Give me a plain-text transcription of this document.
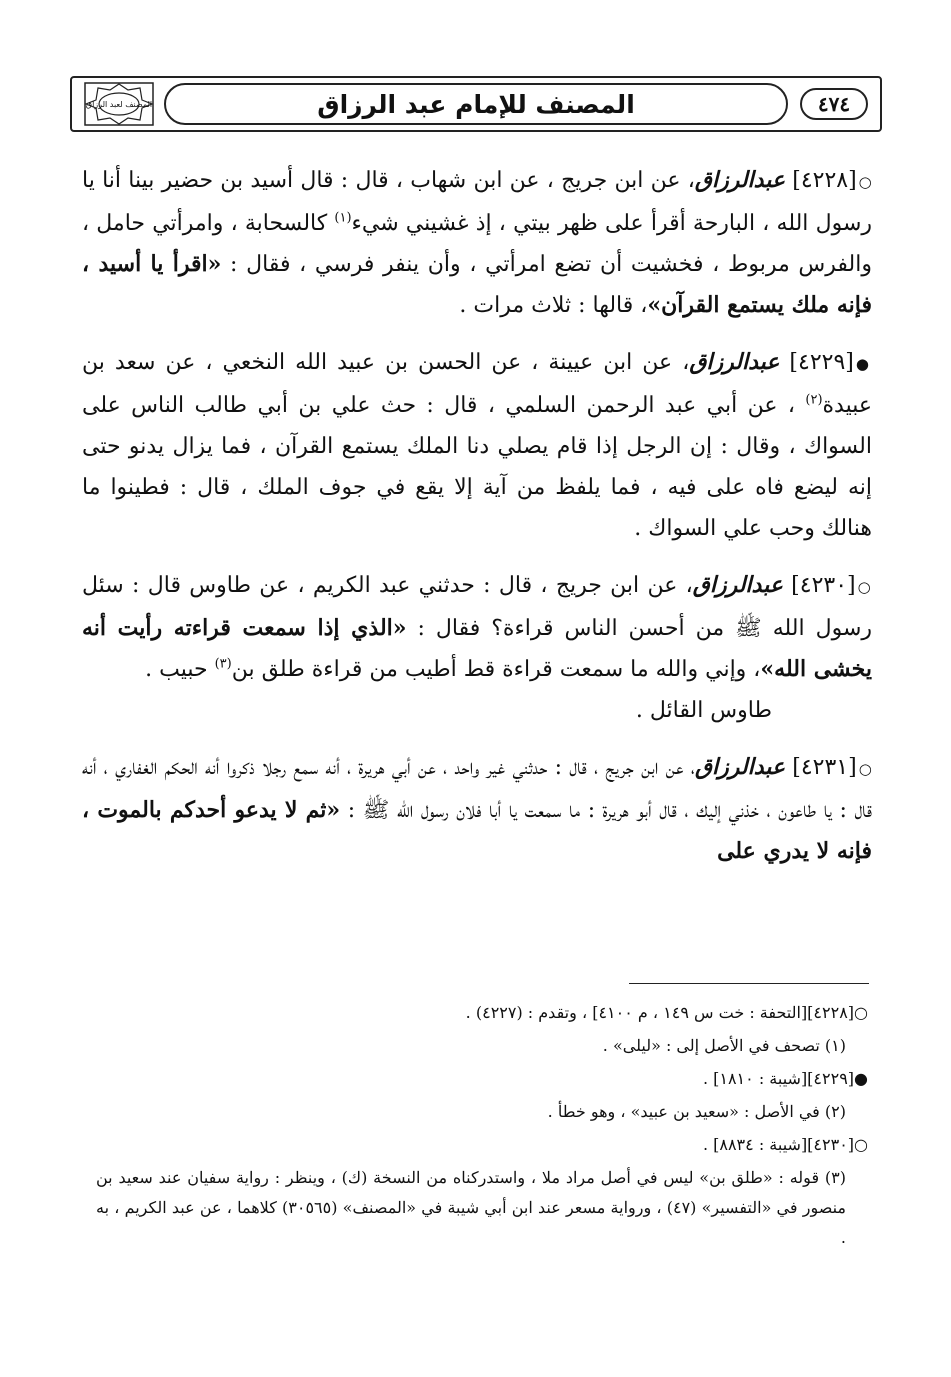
٤٧٤
المصنف للإمام عبد الرزاق
المصنف لعبد الرزاق

○[٤٢٢٨] عبدالرزاق، عن ابن جريج ، عن ابن شهاب ، قال : قال أسيد بن حضير بينا أنا يا رسول الله ، البارحة أقرأ على ظهر بيتي ، إذ غشيني شيء$^{(١)}$ كالسحابة ، وامرأتي حامل ، والفرس مربوط ، فخشيت أن تضع امرأتي ، وأن ينفر فرسي ، فقال : «اقرأ يا أسيد ، فإنه ملك يستمع القرآن»، قالها : ثلاث مرات .

●[٤٢٢٩] عبدالرزاق، عن ابن عيينة ، عن الحسن بن عبيد الله النخعي ، عن سعد بن عبيدة$^{(٢)}$ ، عن أبي عبد الرحمن السلمي ، قال : حث علي بن أبي طالب الناس على السواك ، وقال : إن الرجل إذا قام يصلي دنا الملك يستمع القرآن ، فما يزال يدنو حتى إنه ليضع فاه على فيه ، فما يلفظ من آية إلا يقع في جوف الملك ، قال : فطينوا ما هنالك وحب علي السواك .

○[٤٢٣٠] عبدالرزاق، عن ابن جريج ، قال : حدثني عبد الكريم ، عن طاوس قال : سئل رسول الله ﷺ من أحسن الناس قراءة؟ فقال : «الذي إذا سمعت قراءته رأيت أنه يخشى الله»، وإني والله ما سمعت قراءة قط أطيب من قراءة طلق بن$^{(٣)}$ حبيب .
طاوس القائل .

○[٤٢٣١] عبدالرزاق، عن ابن جريج ، قال : حدثني غير واحد ، عن أبي هريرة ، أنه سمع رجلا ذكروا أنه الحكم الغفاري ، أنه قال : يا طاعون ، خذني إليك ، قال أبو هريرة : ما سمعت يا أبا فلان رسول الله ﷺ : «ثم لا يدعو أحدكم بالموت ، فإنه لا يدري على

○[٤٢٢٨][التحفة : خت س ١٤٩ ، م ٤١٠٠] ، وتقدم : (٤٢٢٧) .
(١) تصحف في الأصل إلى : «ليلى» .
●[٤٢٢٩][شيبة : ١٨١٠] .
(٢) في الأصل : «سعيد بن عبيد» ، وهو خطأ .
○[٤٢٣٠][شيبة : ٨٨٣٤] .
(٣) قوله : «طلق بن» ليس في أصل مراد ملا ، واستدركناه من النسخة (ك) ، وينظر : رواية سفيان عند سعيد بن منصور في «التفسير» (٤٧) ، ورواية مسعر عند ابن أبي شيبة في «المصنف» (٣٠٥٦٥) كلاهما ، عن عبد الكريم ، به .
